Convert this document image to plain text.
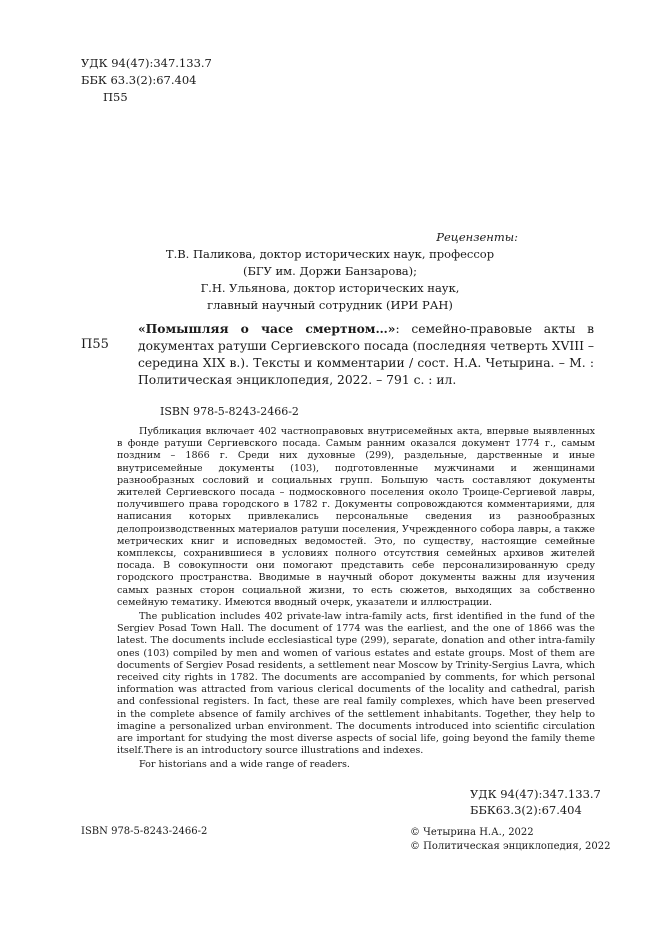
УДК 94(47):347.133.7
ББК 63.3(2):67.404
П55
Рецензенты:
Т.В. Паликова, доктор исторических наук, профессор
(БГУ им. Доржи Банзарова);
Г.Н. Ульянова, доктор исторических наук,
главный научный сотрудник (ИРИ РАН)
П55
«Помышляя о часе смертном…»: семейно-правовые акты в документах ратуши Сергиевского посада (последняя четверть XVIII – середина XIX в.). Тексты и комментарии / сост. Н.А. Четырина. – М. : Политическая энциклопедия, 2022. – 791 с. : ил.
ISBN 978-5-8243-2466-2

Публикация включает 402 частноправовых внутрисемейных акта, впервые выявленных в фонде ратуши Сергиевского посада. Самым ранним оказался документ 1774 г., самым поздним – 1866 г. Среди них духовные (299), раздельные, дарственные и иные внутрисемейные документы (103), подготовленные мужчинами и женщинами разнообразных сословий и социальных групп. Большую часть составляют документы жителей Сергиевского посада – подмосковного поселения около Троице-Сергиевой лавры, получившего права городского в 1782 г. Документы сопровождаются комментариями, для написания которых привлекались персональные сведения из разнообразных делопроизводственных материалов ратуши поселения, Учрежденного собора лавры, а также метрических книг и исповедных ведомостей. Это, по существу, настоящие семейные комплексы, сохранившиеся в условиях полного отсутствия семейных архивов жителей посада. В совокупности они помогают представить себе персонализированную среду городского пространства. Вводимые в научный оборот документы важны для изучения самых разных сторон социальной жизни, то есть сюжетов, выходящих за собственно семейную тематику. Имеются вводный очерк, указатели и иллюстрации.

The publication includes 402 private-law intra-family acts, first identified in the fund of the Sergiev Posad Town Hall. The document of 1774 was the earliest, and the one of 1866 was the latest. The documents include ecclesiastical type (299), separate, donation and other intra-family ones (103) compiled by men and women of various estates and estate groups. Most of them are documents of Sergiev Posad residents, a settlement near Moscow by Trinity-Sergius Lavra, which received city rights in 1782. The documents are accompanied by comments, for which personal information was attracted from various clerical documents of the locality and cathedral, parish and confessional registers. In fact, these are real family complexes, which have been preserved in the complete absence of family archives of the settlement inhabitants. Together, they help to imagine a personalized urban environment. The documents introduced into scientific circulation are important for studying the most diverse aspects of social life, going beyond the family theme itself.There is an introductory source illustrations and indexes.

For historians and a wide range of readers.

УДК 94(47):347.133.7
ББК63.3(2):67.404
ISBN 978-5-8243-2466-2	© Четырина Н.А., 2022
© Политическая энциклопедия, 2022
